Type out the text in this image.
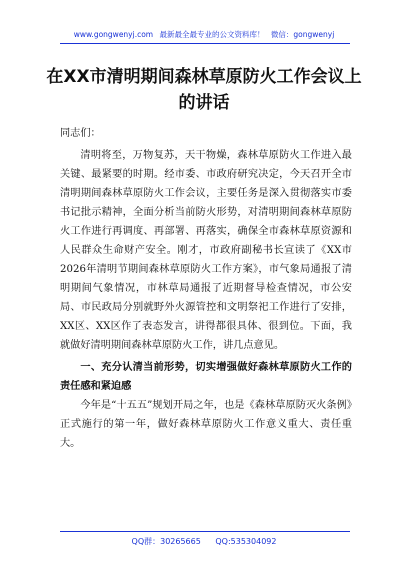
www.gongwenyj.com 最新最全最专业的公文资料库！ 微信：gongwenyj
在XX市清明期间森林草原防火工作会议上的讲话

同志们：

清明将至，万物复苏，天干物燥，森林草原防火工作进入最关键、最紧要的时期。经市委、市政府研究决定，今天召开全市清明期间森林草原防火工作会议，主要任务是深入贯彻落实市委书记批示精神，全面分析当前防火形势，对清明期间森林草原防火工作进行再调度、再部署、再落实，确保全市森林草原资源和人民群众生命财产安全。刚才，市政府副秘书长宣读了《XX市2026年清明节期间森林草原防火工作方案》，市气象局通报了清明期间气象情况，市林草局通报了近期督导检查情况，市公安局、市民政局分别就野外火源管控和文明祭祀工作进行了安排，XX区、XX区作了表态发言，讲得都很具体、很到位。下面，我就做好清明期间森林草原防火工作，讲几点意见。

一、充分认清当前形势，切实增强做好森林草原防火工作的责任感和紧迫感

今年是“十五五”规划开局之年，也是《森林草原防灭火条例》正式施行的第一年，做好森林草原防火工作意义重大、责任重大。

QQ群：30265665 QQ:535304092
